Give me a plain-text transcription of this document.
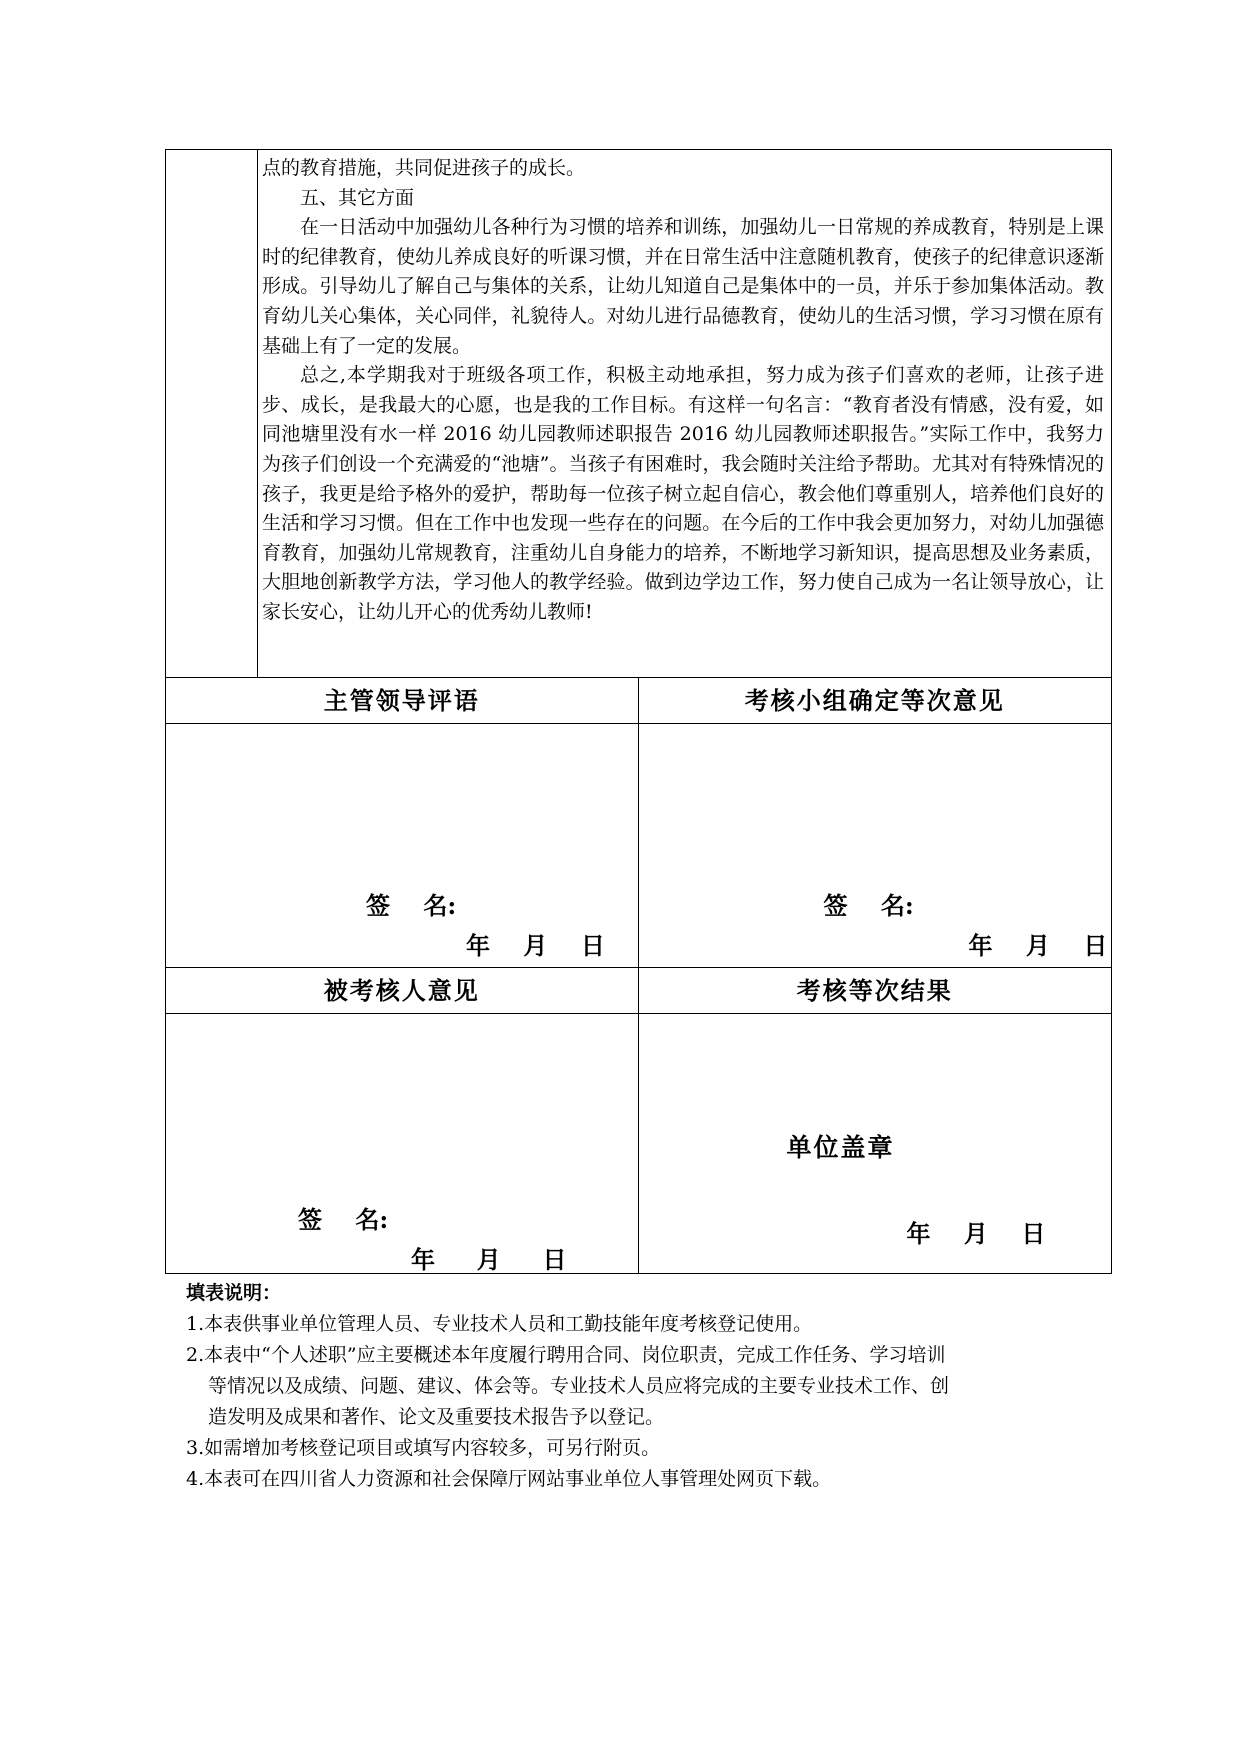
点的教育措施，共同促进孩子的成长。

五、其它方面

在一日活动中加强幼儿各种行为习惯的培养和训练，加强幼儿一日常规的养成教育，特别是上课时的纪律教育，使幼儿养成良好的听课习惯，并在日常生活中注意随机教育，使孩子的纪律意识逐渐形成。引导幼儿了解自己与集体的关系，让幼儿知道自己是集体中的一员，并乐于参加集体活动。教育幼儿关心集体，关心同伴，礼貌待人。对幼儿进行品德教育，使幼儿的生活习惯，学习习惯在原有基础上有了一定的发展。

总之,本学期我对于班级各项工作，积极主动地承担，努力成为孩子们喜欢的老师，让孩子进步、成长，是我最大的心愿，也是我的工作目标。有这样一句名言：“教育者没有情感，没有爱，如同池塘里没有水一样 2016 幼儿园教师述职报告 2016 幼儿园教师述职报告。”实际工作中，我努力为孩子们创设一个充满爱的“池塘”。当孩子有困难时，我会随时关注给予帮助。尤其对有特殊情况的孩子，我更是给予格外的爱护，帮助每一位孩子树立起自信心，教会他们尊重别人，培养他们良好的生活和学习习惯。但在工作中也发现一些存在的问题。在今后的工作中我会更加努力，对幼儿加强德育教育，加强幼儿常规教育，注重幼儿自身能力的培养，不断地学习新知识，提高思想及业务素质，大胆地创新教学方法，学习他人的教学经验。做到边学边工作，努力使自己成为一名让领导放心，让家长安心，让幼儿开心的优秀幼儿教师!

主管领导评语
签    名:
年    月    日
考核小组确定等次意见
签    名:
年    月    日
被考核人意见
签    名:
年     月     日
考核等次结果
单位盖章
年    月    日
填表说明：

1.本表供事业单位管理人员、专业技术人员和工勤技能年度考核登记使用。

2.本表中“个人述职”应主要概述本年度履行聘用合同、岗位职责，完成工作任务、学习培训

等情况以及成绩、问题、建议、体会等。专业技术人员应将完成的主要专业技术工作、创

造发明及成果和著作、论文及重要技术报告予以登记。

3.如需增加考核登记项目或填写内容较多，可另行附页。

4.本表可在四川省人力资源和社会保障厅网站事业单位人事管理处网页下载。
